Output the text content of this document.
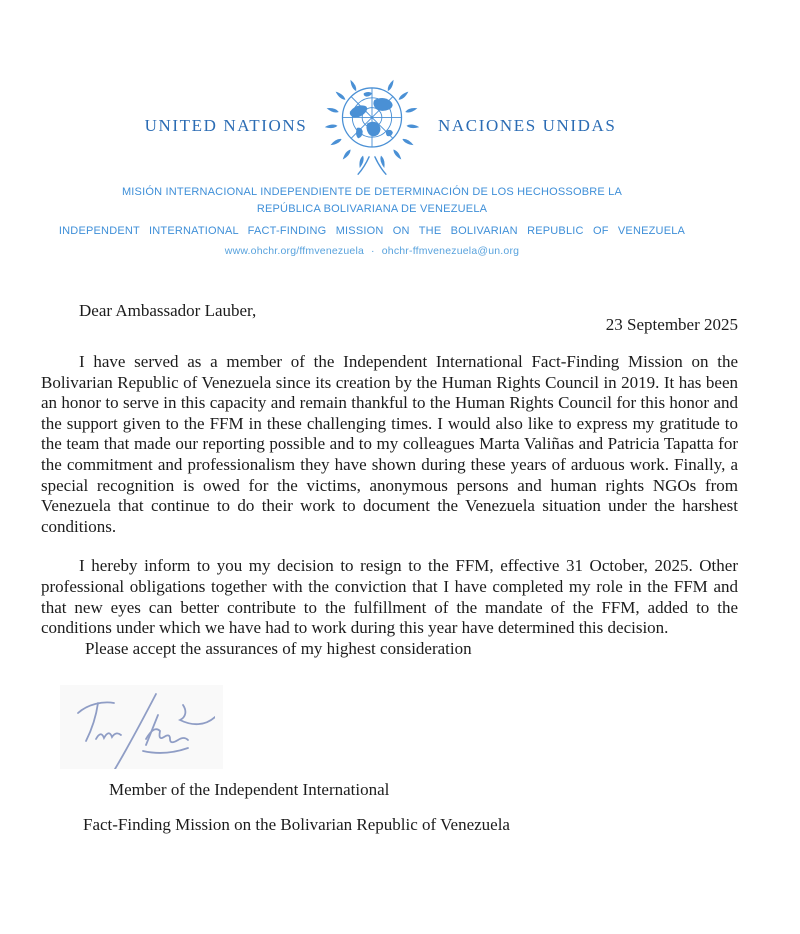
UNITED NATIONS	NACIONES UNIDAS
MISIÓN INTERNACIONAL INDEPENDIENTE DE DETERMINACIÓN DE LOS HECHOSSOBRE LA
REPÚBLICA BOLIVARIANA DE VENEZUELA
INDEPENDENT INTERNATIONAL FACT-FINDING MISSION ON THE BOLIVARIAN REPUBLIC OF VENEZUELA
www.ohchr.org/ffmvenezuela · ohchr-ffmvenezuela@un.org
Dear Ambassador Lauber,
23 September 2025

I have served as a member of the Independent International Fact-Finding Mission on the Bolivarian Republic of Venezuela since its creation by the Human Rights Council in 2019. It has been an honor to serve in this capacity and remain thankful to the Human Rights Council for this honor and the support given to the FFM in these challenging times. I would also like to express my gratitude to the team that made our reporting possible and to my colleagues Marta Valiñas and Patricia Tapatta for the commitment and professionalism they have shown during these years of arduous work. Finally, a special recognition is owed for the victims, anonymous persons and human rights NGOs from Venezuela that continue to do their work to document the Venezuela situation under the harshest conditions.

I hereby inform to you my decision to resign to the FFM, effective 31 October, 2025. Other professional obligations together with the conviction that I have completed my role in the FFM and that new eyes can better contribute to the fulfillment of the mandate of the FFM, added to the conditions under which we have had to work during this year have determined this decision.

Please accept the assurances of my highest consideration

Member of the Independent International
Fact-Finding Mission on the Bolivarian Republic of Venezuela
